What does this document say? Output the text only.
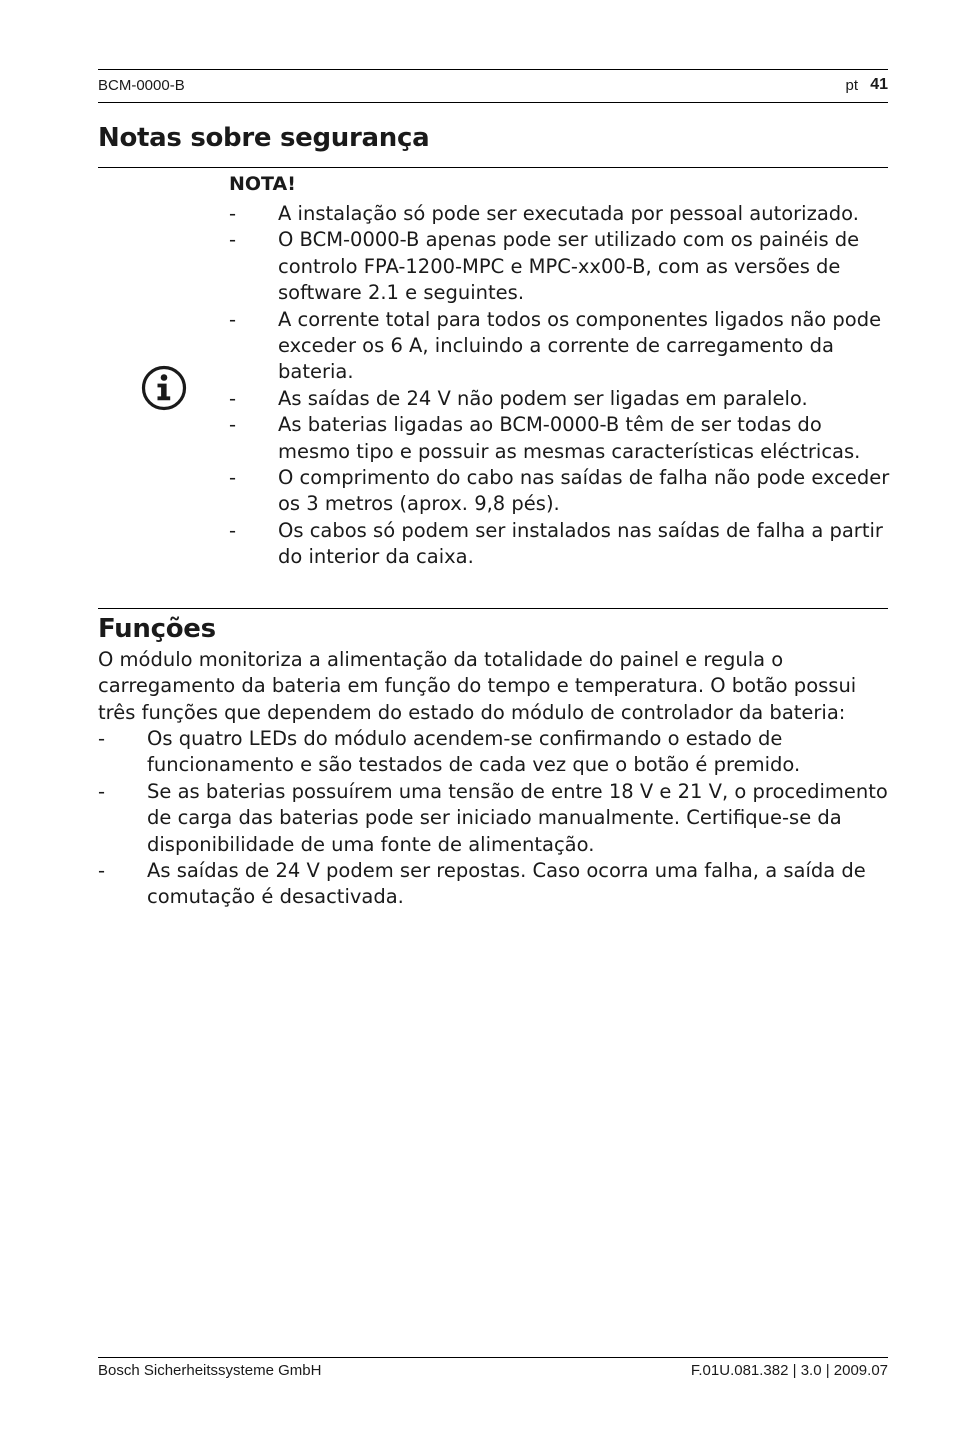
BCM-0000-B	pt 41
Notas sobre segurança
NOTA!
- A instalação só pode ser executada por pessoal autorizado.
- O BCM-0000-B apenas pode ser utilizado com os painéis de controlo FPA-1200-MPC e MPC-xx00-B, com as versões de software 2.1 e seguintes.
- A corrente total para todos os componentes ligados não pode exceder os 6 A, incluindo a corrente de carregamento da bateria.
- As saídas de 24 V não podem ser ligadas em paralelo.
- As baterias ligadas ao BCM-0000-B têm de ser todas do mesmo tipo e possuir as mesmas características eléctricas.
- O comprimento do cabo nas saídas de falha não pode exceder os 3 metros (aprox. 9,8 pés).
- Os cabos só podem ser instalados nas saídas de falha a partir do interior da caixa.
Funções

O módulo monitoriza a alimentação da totalidade do painel e regula o carregamento da bateria em função do tempo e temperatura. O botão possui três funções que dependem do estado do módulo de controlador da bateria:

- Os quatro LEDs do módulo acendem-se confirmando o estado de funcionamento e são testados de cada vez que o botão é premido.
- Se as baterias possuírem uma tensão de entre 18 V e 21 V, o procedimento de carga das baterias pode ser iniciado manualmente. Certifique-se da disponibilidade de uma fonte de alimentação.
- As saídas de 24 V podem ser repostas. Caso ocorra uma falha, a saída de comutação é desactivada.
Bosch Sicherheitssysteme GmbH	F.01U.081.382 | 3.0 | 2009.07
